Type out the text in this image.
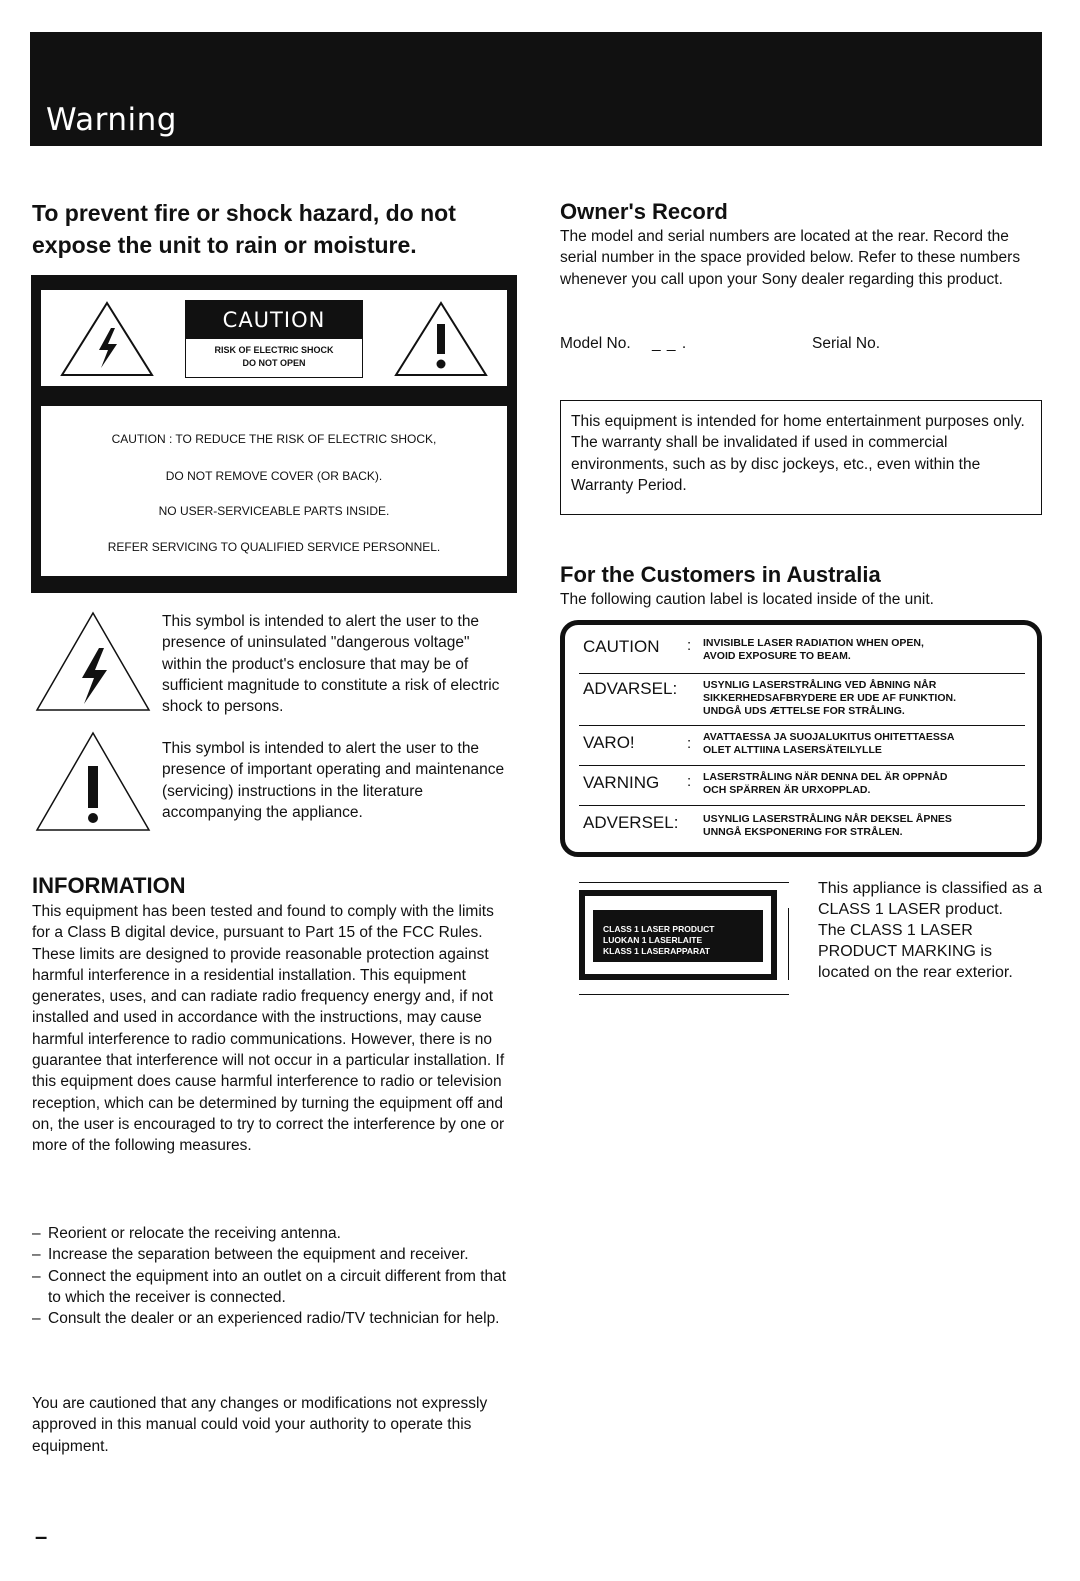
Warning
To prevent fire or shock hazard, do not expose the unit to rain or moisture.
CAUTION
RISK OF ELECTRIC SHOCK
DO NOT OPEN
CAUTION : TO REDUCE THE RISK OF ELECTRIC SHOCK,
DO NOT REMOVE COVER (OR BACK).
NO USER-SERVICEABLE PARTS INSIDE.
REFER SERVICING TO QUALIFIED SERVICE PERSONNEL.
This symbol is intended to alert the user to the presence of uninsulated "dangerous voltage" within the product's enclosure that may be of sufficient magnitude to constitute a risk of electric shock to persons.
This symbol is intended to alert the user to the presence of important operating and maintenance (servicing) instructions in the literature accompanying the appliance.
INFORMATION
This equipment has been tested and found to comply with the limits for a Class B digital device, pursuant to Part 15 of the FCC Rules. These limits are designed to provide reasonable protection against harmful interference in a residential installation. This equipment generates, uses, and can radiate radio frequency energy and, if not installed and used in accordance with the instructions, may cause harmful interference to radio communications. However, there is no guarantee that interference will not occur in a particular installation. If this equipment does cause harmful interference to radio or television reception, which can be determined by turning the equipment off and on, the user is encouraged to try to correct the interference by one or more of the following measures.
– Reorient or relocate the receiving antenna.
– Increase the separation between the equipment and receiver.
– Connect the equipment into an outlet on a circuit different from that to which the receiver is connected.
– Consult the dealer or an experienced radio/TV technician for help.
You are cautioned that any changes or modifications not expressly approved in this manual could void your authority to operate this equipment.
–
Owner's Record
The model and serial numbers are located at the rear. Record the serial number in the space provided below. Refer to these numbers whenever you call upon your Sony dealer regarding this product.
Model No. _ _ .	Serial No.
This equipment is intended for home entertainment purposes only. The warranty shall be invalidated if used in commercial environments, such as by disc jockeys, etc., even within the Warranty Period.
For the Customers in Australia
The following caution label is located inside of the unit.
CAUTION : INVISIBLE LASER RADIATION WHEN OPEN,
AVOID EXPOSURE TO BEAM.
ADVARSEL: USYNLIG LASERSTRÅLING VED ÅBNING NÅR
SIKKERHEDSAFBRYDERE ER UDE AF FUNKTION.
UNDGÅ UDS ÆTTELSE FOR STRÅLING.
VARO!	: AVATTAESSA JA SUOJALUKITUS OHITETTAESSA
OLET ALTTIINA LASERSÄTEILYLLE
VARNING : LASERSTRÅLING NÄR DENNA DEL ÄR OPPNÅD
OCH SPÄRREN ÄR URXOPPLAD.
ADVERSEL: USYNLIG LASERSTRÅLING NÅR DEKSEL ÅPNES
UNNGÅ EKSPONERING FOR STRÅLEN.
CLASS 1 LASER PRODUCT
LUOKAN 1 LASERLAITE
KLASS 1 LASERAPPARAT
This appliance is classified as a CLASS 1 LASER product.
The CLASS 1 LASER PRODUCT MARKING is located on the rear exterior.
